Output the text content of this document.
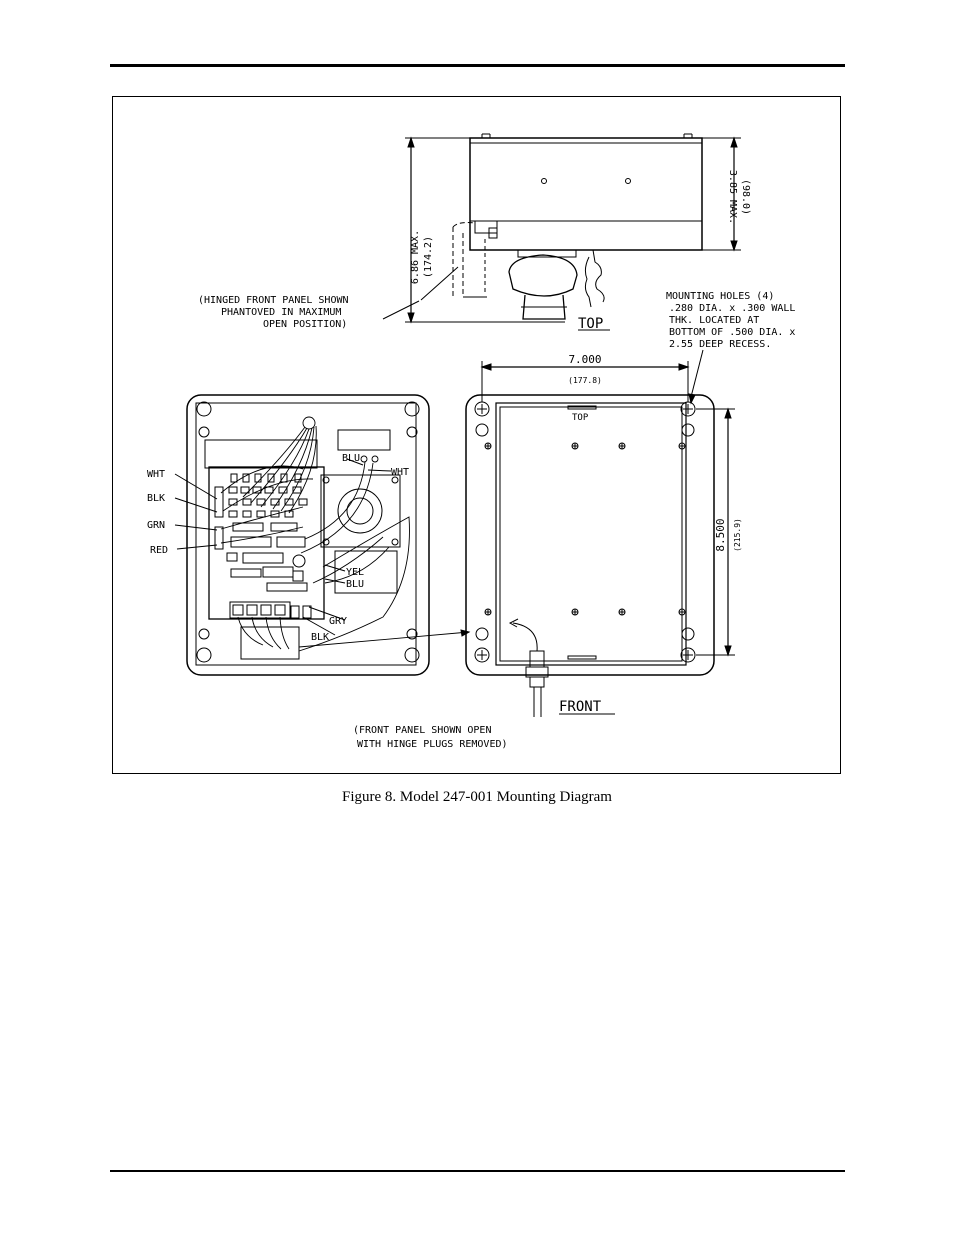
6.86 MAX. (174.2)
3.85 MAX. (98.0)
(HINGED FRONT PANEL SHOWN
PHANTOVED IN MAXIMUM
OPEN POSITION)	TOP
MOUNTING HOLES (4)
.280 DIA. x .300 WALL
THK. LOCATED AT
BOTTOM OF .500 DIA. x
2.55 DEEP RECESS.
7.000
(177.8)
8.500 (215.9)
TOP
FRONT
(FRONT PANEL SHOWN OPEN
WITH HINGE PLUGS REMOVED)
WHT
BLK
GRN
RED
BLU
WHT
YEL
BLU
GRY
BLK
Figure 8. Model 247-001 Mounting Diagram
